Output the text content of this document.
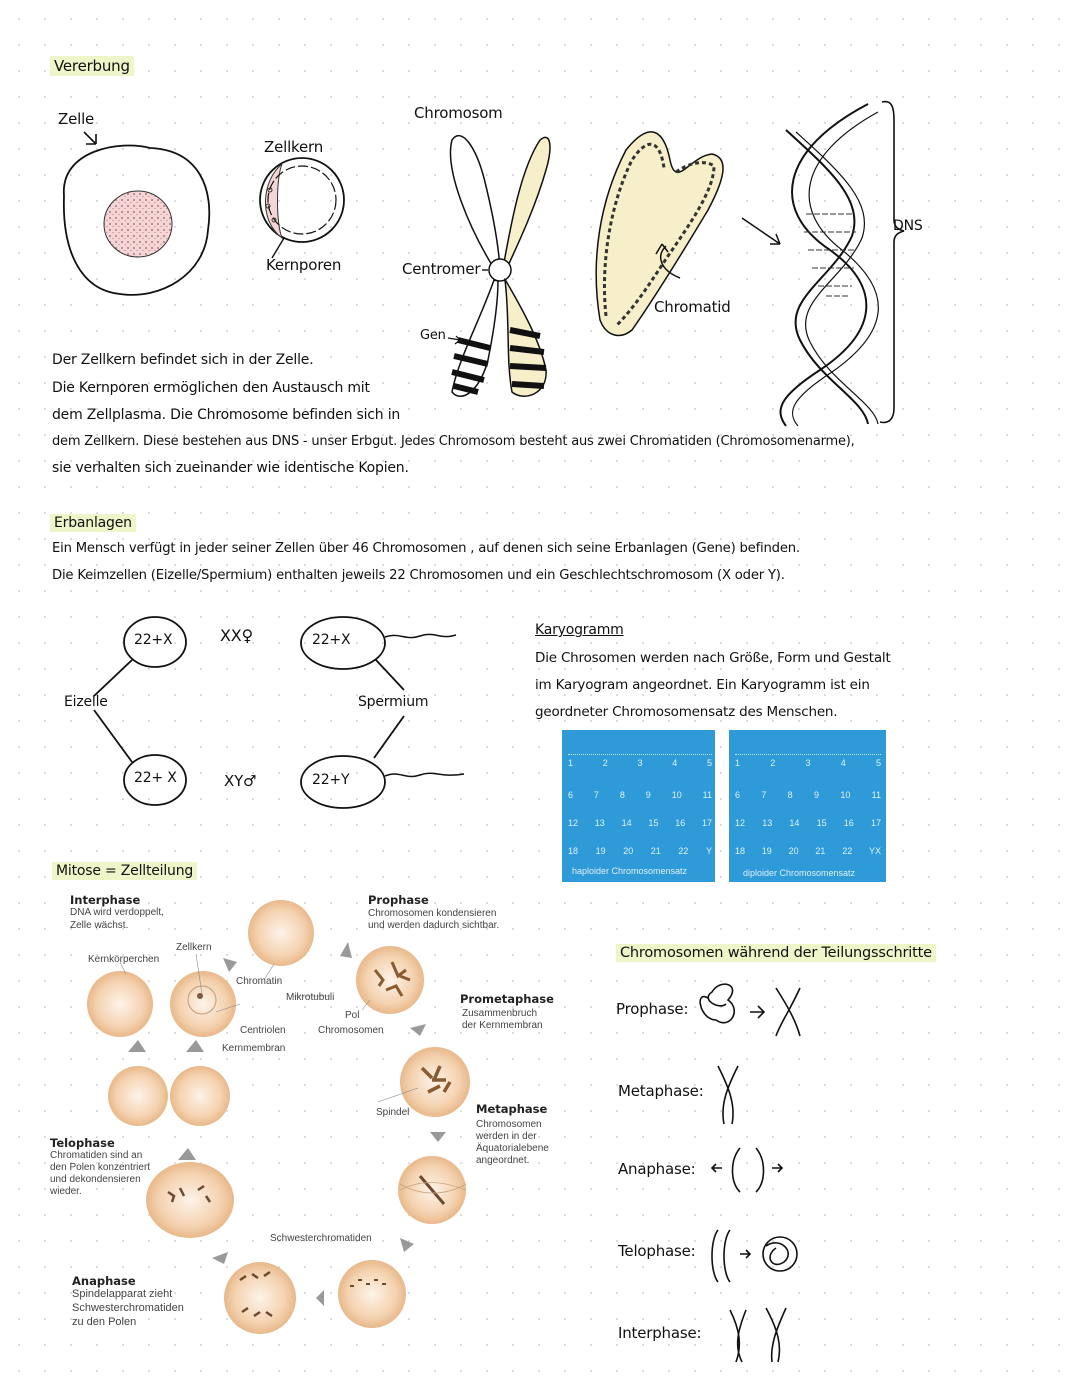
Vererbung
Zelle
Zellkern
Kernporen
Chromosom
Centromer
Gen
Chromatid
DNS
Der Zellkern befindet sich in der Zelle.
Die Kernporen ermöglichen den Austausch mit
dem Zellplasma. Die Chromosome befinden sich in
dem Zellkern. Diese bestehen aus DNS - unser Erbgut. Jedes Chromosom besteht aus zwei Chromatiden (Chromosomenarme),
sie verhalten sich zueinander wie identische Kopien.
Erbanlagen
Ein Mensch verfügt in jeder seiner Zellen über 46 Chromosomen , auf denen sich seine Erbanlagen (Gene) befinden.
Die Keimzellen (Eizelle/Spermium) enthalten jeweils 22 Chromosomen und ein Geschlechtschromosom (X oder Y).
22+X
22+ X
22+X
22+Y
XX♀
XY♂
Eizelle	Spermium
Karyogramm
Die Chrosomen werden nach Größe, Form und Gestalt
im Karyogram angeordnet. Ein Karyogramm ist ein
geordneter Chromosomensatz des Menschen.
1	2	3	4	5
6 7 8 9 10 11
12 13 14 15 16 17
18 19 20 21 22 Y
haploider Chromosomensatz
1	2	3	4	5
6 7 8 9 10 11
12 13 14 15 16 17
18 19 20 21 22 YX
diploider Chromosomensatz
Mitose = Zellteilung
Interphase
DNA wird verdoppelt,
Zelle wächst.
Kernkörperchen
Zellkern
Chromatin
Mikrotubuli
Pol
Chromosomen
Centriolen
Kernmembran
Prophase
Chromosomen kondensieren
und werden dadurch sichtbar.
Prometaphase
Zusammenbruch
der Kernmembran
Spindel	Metaphase
Chromosomen
werden in der
Äquatorialebene
angeordnet.
Telophase
Chromatiden sind an
den Polen konzentriert
und dekondensieren
wieder.
Schwesterchromatiden
Anaphase
Spindelapparat zieht
Schwesterchromatiden
zu den Polen
Chromosomen während der Teilungsschritte
Prophase:
Metaphase:
Anaphase:
Telophase:
Interphase:
